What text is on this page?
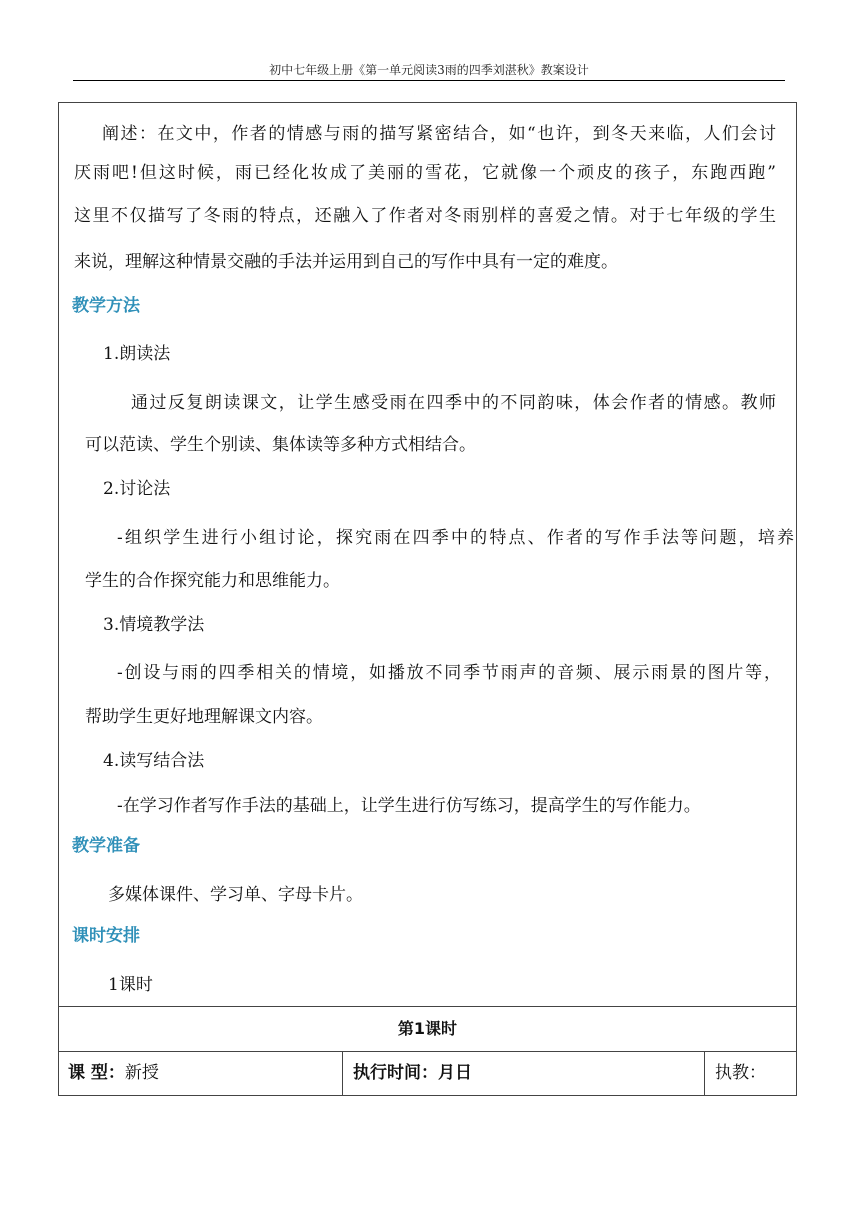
初中七年级上册《第一单元阅读3雨的四季刘湛秋》教案设计
阐述：在文中，作者的情感与雨的描写紧密结合，如“也许，到冬天来临，人们会讨
厌雨吧!但这时候，雨已经化妆成了美丽的雪花，它就像一个顽皮的孩子，东跑西跑”
这里不仅描写了冬雨的特点，还融入了作者对冬雨别样的喜爱之情。对于七年级的学生
来说，理解这种情景交融的手法并运用到自己的写作中具有一定的难度。
教学方法
1.朗读法
通过反复朗读课文，让学生感受雨在四季中的不同韵味，体会作者的情感。教师
可以范读、学生个别读、集体读等多种方式相结合。
2.讨论法
-组织学生进行小组讨论，探究雨在四季中的特点、作者的写作手法等问题，培养
学生的合作探究能力和思维能力。
3.情境教学法
-创设与雨的四季相关的情境，如播放不同季节雨声的音频、展示雨景的图片等，
帮助学生更好地理解课文内容。
4.读写结合法
-在学习作者写作手法的基础上，让学生进行仿写练习，提高学生的写作能力。
教学准备
多媒体课件、学习单、字母卡片。
课时安排
1课时
第1课时
课 型：新授	执行时间：月日	执教：
